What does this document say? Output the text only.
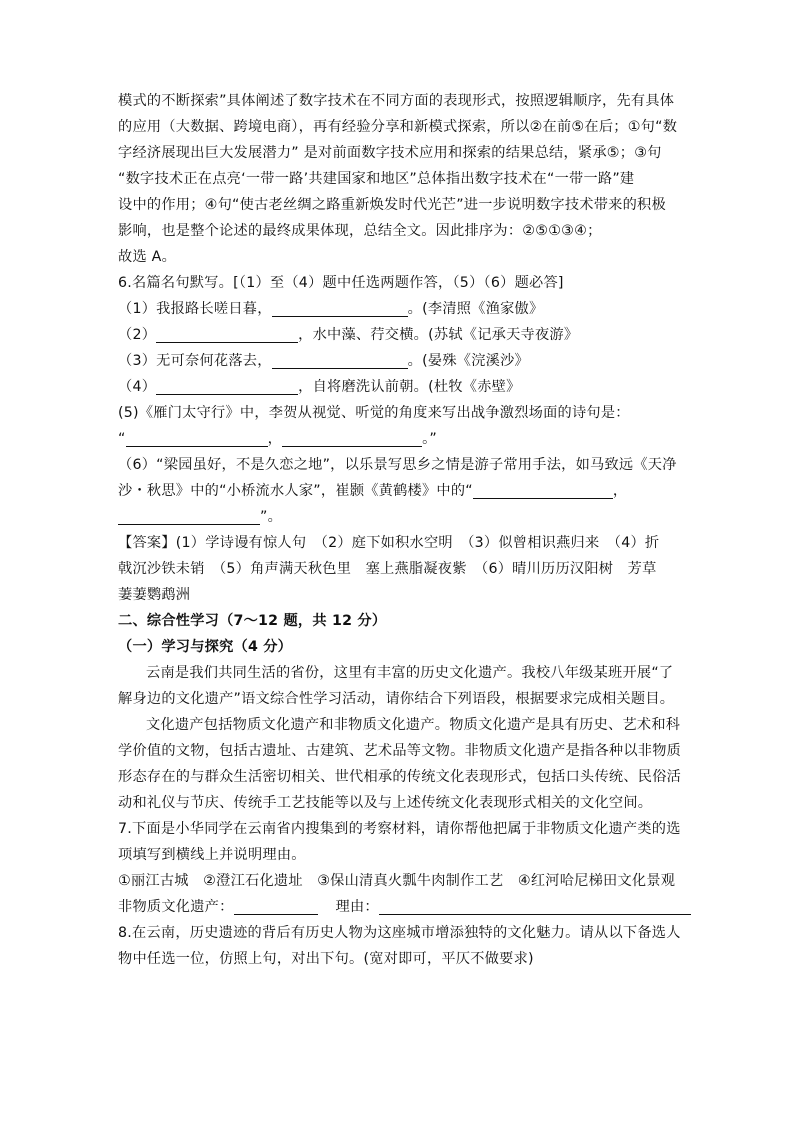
模式的不断探索”具体阐述了数字技术在不同方面的表现形式，按照逻辑顺序，先有具体
的应用（大数据、跨境电商），再有经验分享和新模式探索，所以②在前⑤在后；①句“数
字经济展现出巨大发展潜力” 是对前面数字技术应用和探索的结果总结，紧承⑤；③句
“数字技术正在点亮‘一带一路’共建国家和地区”总体指出数字技术在“一带一路”建
设中的作用；④句“使古老丝绸之路重新焕发时代光芒”进一步说明数字技术带来的积极
影响，也是整个论述的最终成果体现，总结全文。因此排序为：②⑤①③④；
故选 A。
6.名篇名句默写。[（1）至（4）题中任选两题作答，（5）（6）题必答]
（1）我报路长嗟日暮，	。(李清照《渔家傲》
（2）	，水中藻、荇交横。(苏轼《记承天寺夜游》
（3）无可奈何花落去，	。(晏殊《浣溪沙》
（4）	，自将磨洗认前朝。(杜牧《赤壁》
(5)《雁门太守行》中，李贺从视觉、听觉的角度来写出战争激烈场面的诗句是：
“	，	。”
（6）“梁园虽好，不是久恋之地”，以乐景写思乡之情是游子常用手法，如马致远《天净
沙・秋思》中的“小桥流水人家”，崔颢《黄鹤楼》中的“	，
”。
【答案】(1）学诗谩有惊人句　（2）庭下如积水空明　（3）似曾相识燕归来　（4）折
戟沉沙铁未销　（5）角声满天秋色里　塞上燕脂凝夜紫　（6）晴川历历汉阳树　芳草
萋萋鹦鹉洲
二、综合性学习（7～12 题，共 12 分）
（一）学习与探究（4 分）
云南是我们共同生活的省份，这里有丰富的历史文化遗产。我校八年级某班开展“了
解身边的文化遗产”语文综合性学习活动，请你结合下列语段，根据要求完成相关题目。
文化遗产包括物质文化遗产和非物质文化遗产。物质文化遗产是具有历史、艺术和科
学价值的文物，包括古遗址、古建筑、艺术品等文物。非物质文化遗产是指各种以非物质
形态存在的与群众生活密切相关、世代相承的传统文化表现形式，包括口头传统、民俗活
动和礼仪与节庆、传统手工艺技能等以及与上述传统文化表现形式相关的文化空间。
7.下面是小华同学在云南省内搜集到的考察材料，请你帮他把属于非物质文化遗产类的选
项填写到横线上并说明理由。
①丽江古城　②澄江石化遗址　③保山清真火瓢牛肉制作工艺　④红河哈尼梯田文化景观
非物质文化遗产：	理由：
8.在云南，历史遗迹的背后有历史人物为这座城市增添独特的文化魅力。请从以下备选人
物中任选一位，仿照上句，对出下句。(宽对即可，平仄不做要求)
